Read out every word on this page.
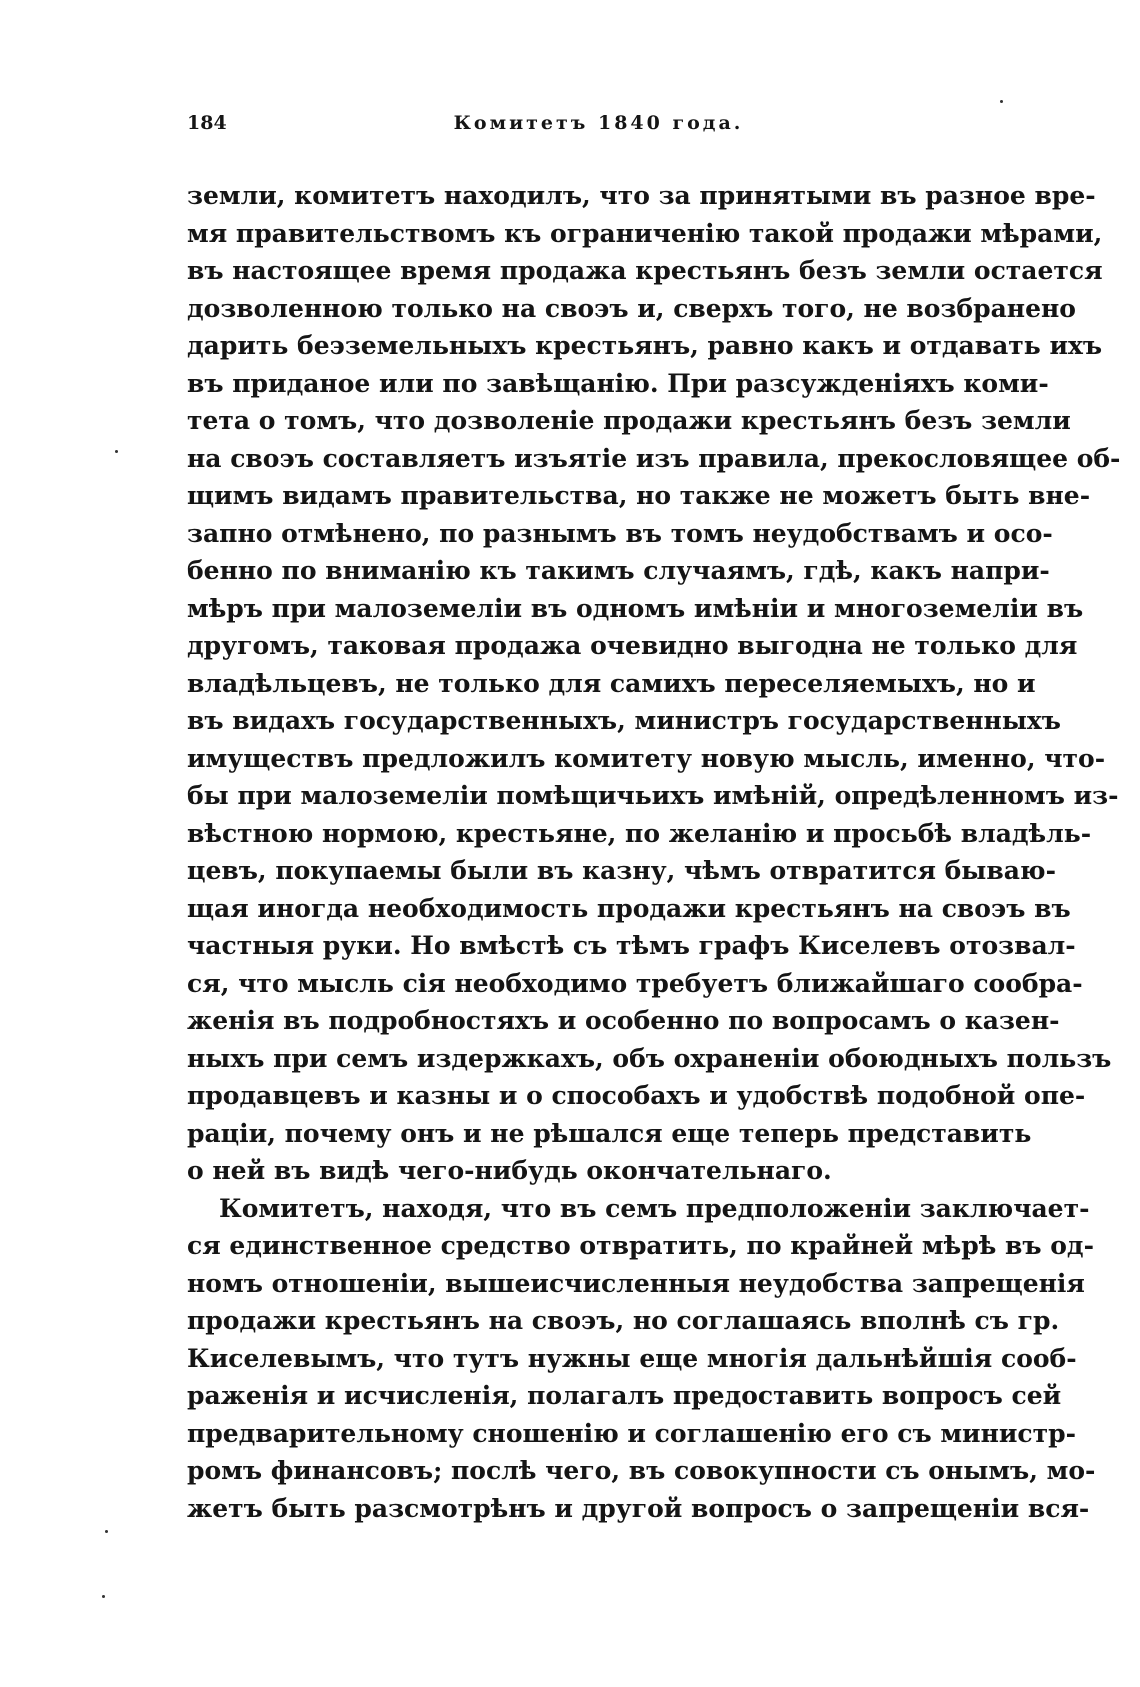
184	Комитетъ 1840 года.
земли, комитетъ находилъ, что за принятыми въ разное вре-
мя правительствомъ къ ограниченію такой продажи мѣрами,
въ настоящее время продажа крестьянъ безъ земли остается
дозволенною только на своэъ и, сверхъ того, не возбранено
дарить беэземельныхъ крестьянъ, равно какъ и отдавать ихъ
въ приданое или по завѣщанію. При разсужденіяхъ коми-
тета о томъ, что дозволеніе продажи крестьянъ безъ земли
на своэъ составляетъ изъятіе изъ правила, прекословящее об-
щимъ видамъ правительства, но также не можетъ быть вне-
запно отмѣнено, по разнымъ въ томъ неудобствамъ и осо-
бенно по вниманію къ такимъ случаямъ, гдѣ, какъ напри-
мѣръ при малоземеліи въ одномъ имѣніи и многоземеліи въ
другомъ, таковая продажа очевидно выгодна не только для
владѣльцевъ, не только для самихъ переселяемыхъ, но и
въ видахъ государственныхъ, министръ государственныхъ
имуществъ предложилъ комитету новую мысль, именно, что-
бы при малоземеліи помѣщичьихъ имѣній, опредѣленномъ из-
вѣстною нормою, крестьяне, по желанію и просьбѣ владѣль-
цевъ, покупаемы были въ казну, чѣмъ отвратится бываю-
щая иногда необходимость продажи крестьянъ на своэъ въ
частныя руки. Но вмѣстѣ съ тѣмъ графъ Киселевъ отозвал-
ся, что мысль сія необходимо требуетъ ближайшаго сообра-
женія въ подробностяхъ и особенно по вопросамъ о казен-
ныхъ при семъ издержкахъ, объ охраненіи обоюдныхъ пользъ
продавцевъ и казны и о способахъ и удобствѣ подобной опе-
раціи, почему онъ и не рѣшался еще теперь представить
о ней въ видѣ чего-нибудь окончательнаго.
Комитетъ, находя, что въ семъ предположеніи заключает-
ся единственное средство отвратить, по крайней мѣрѣ въ од-
номъ отношеніи, вышеисчисленныя неудобства запрещенія
продажи крестьянъ на своэъ, но соглашаясь вполнѣ съ гр.
Киселевымъ, что тутъ нужны еще многія дальнѣйшія сооб-
раженія и исчисленія, полагалъ предоставить вопросъ сей
предварительному сношенію и соглашенію его съ министр-
ромъ финансовъ; послѣ чего, въ совокупности съ онымъ, мо-
жетъ быть разсмотрѣнъ и другой вопросъ о запрещеніи вся-
